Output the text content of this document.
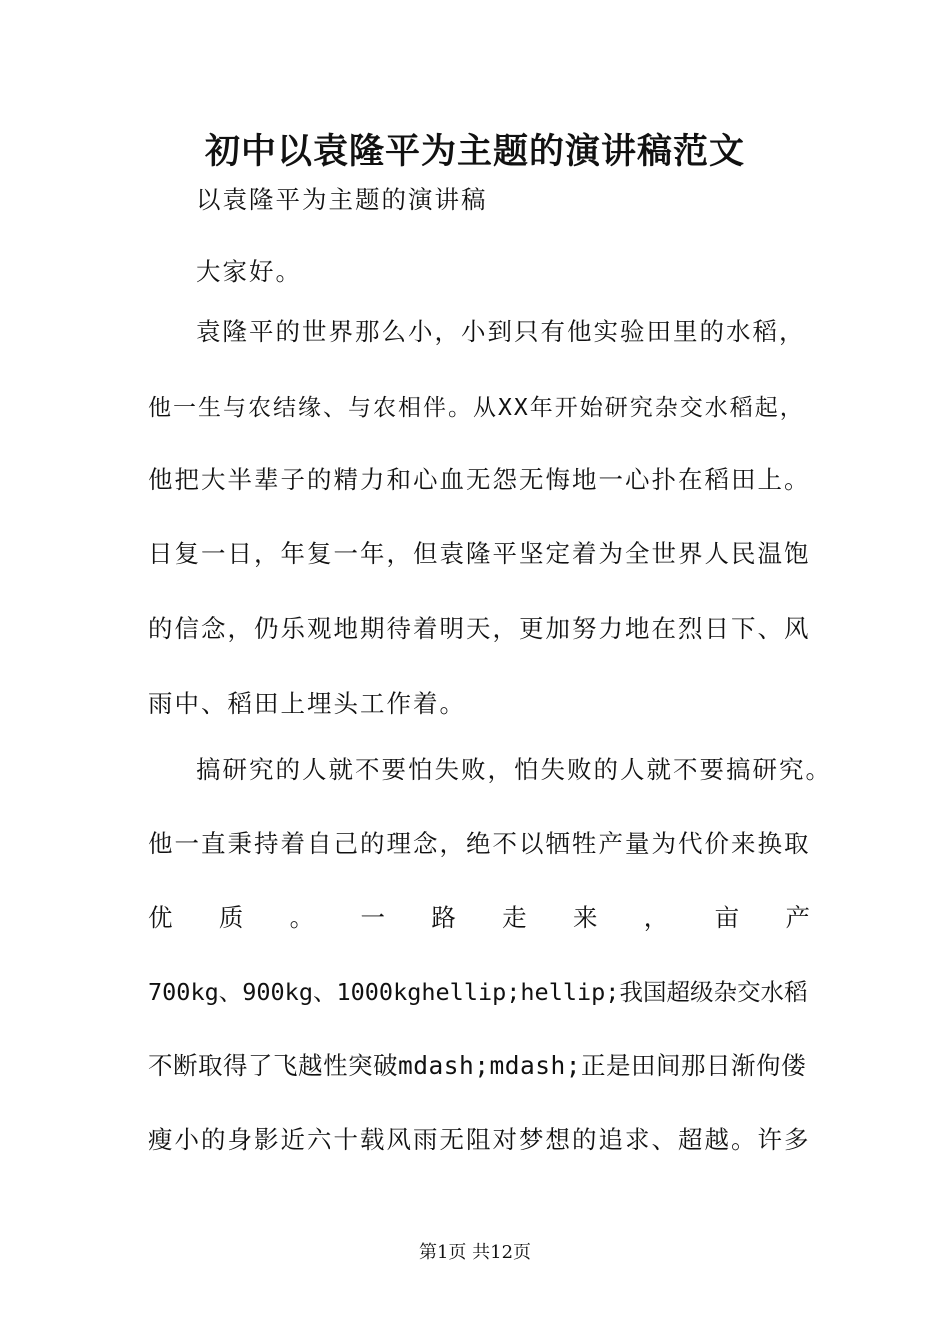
初中以袁隆平为主题的演讲稿范文
以袁隆平为主题的演讲稿
大家好。
袁隆平的世界那么小，小到只有他实验田里的水稻，
他一生与农结缘、与农相伴。从XX年开始研究杂交水稻起，
他把大半辈子的精力和心血无怨无悔地一心扑在稻田上。
日复一日，年复一年，但袁隆平坚定着为全世界人民温饱
的信念，仍乐观地期待着明天，更加努力地在烈日下、风
雨中、稻田上埋头工作着。
搞研究的人就不要怕失败，怕失败的人就不要搞研究。
他一直秉持着自己的理念，绝不以牺牲产量为代价来换取
优 质 。 一 路 走 来 ， 亩 产
700kg、900kg、1000kghellip;hellip;我国超级杂交水稻
不断取得了飞越性突破mdash;mdash;正是田间那日渐佝偻
瘦小的身影近六十载风雨无阻对梦想的追求、超越。许多
第1页 共12页
